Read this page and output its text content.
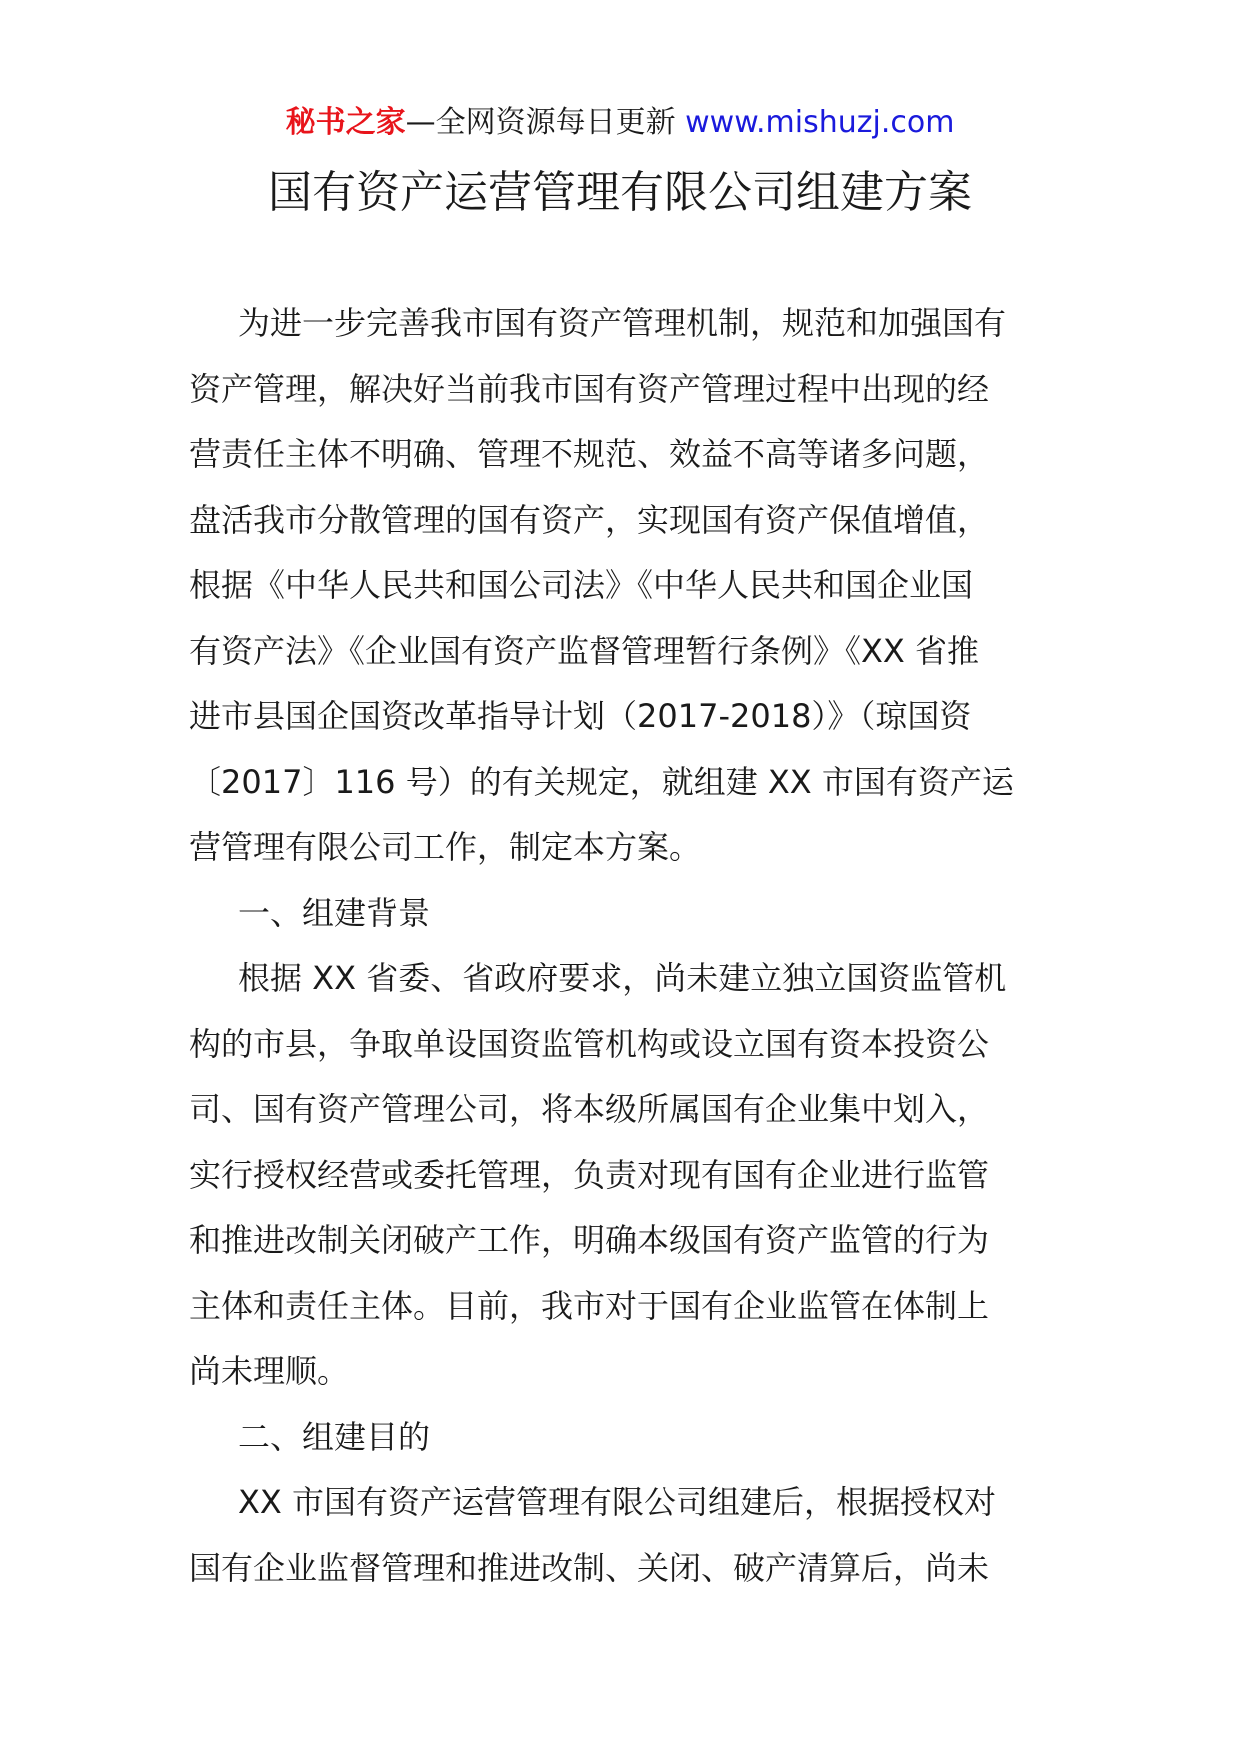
秘书之家—全网资源每日更新 www.mishuzj.com
国有资产运营管理有限公司组建方案
为进一步完善我市国有资产管理机制，规范和加强国有
资产管理，解决好当前我市国有资产管理过程中出现的经
营责任主体不明确、管理不规范、效益不高等诸多问题，
盘活我市分散管理的国有资产，实现国有资产保值增值，
根据《中华人民共和国公司法》《中华人民共和国企业国
有资产法》《企业国有资产监督管理暂行条例》《XX 省推
进市县国企国资改革指导计划（2017-2018）》（琼国资
〔2017〕116 号）的有关规定，就组建 XX 市国有资产运
营管理有限公司工作，制定本方案。
一、组建背景
根据 XX 省委、省政府要求，尚未建立独立国资监管机
构的市县，争取单设国资监管机构或设立国有资本投资公
司、国有资产管理公司，将本级所属国有企业集中划入，
实行授权经营或委托管理，负责对现有国有企业进行监管
和推进改制关闭破产工作，明确本级国有资产监管的行为
主体和责任主体。目前，我市对于国有企业监管在体制上
尚未理顺。
二、组建目的
XX 市国有资产运营管理有限公司组建后，根据授权对
国有企业监督管理和推进改制、关闭、破产清算后，尚未
